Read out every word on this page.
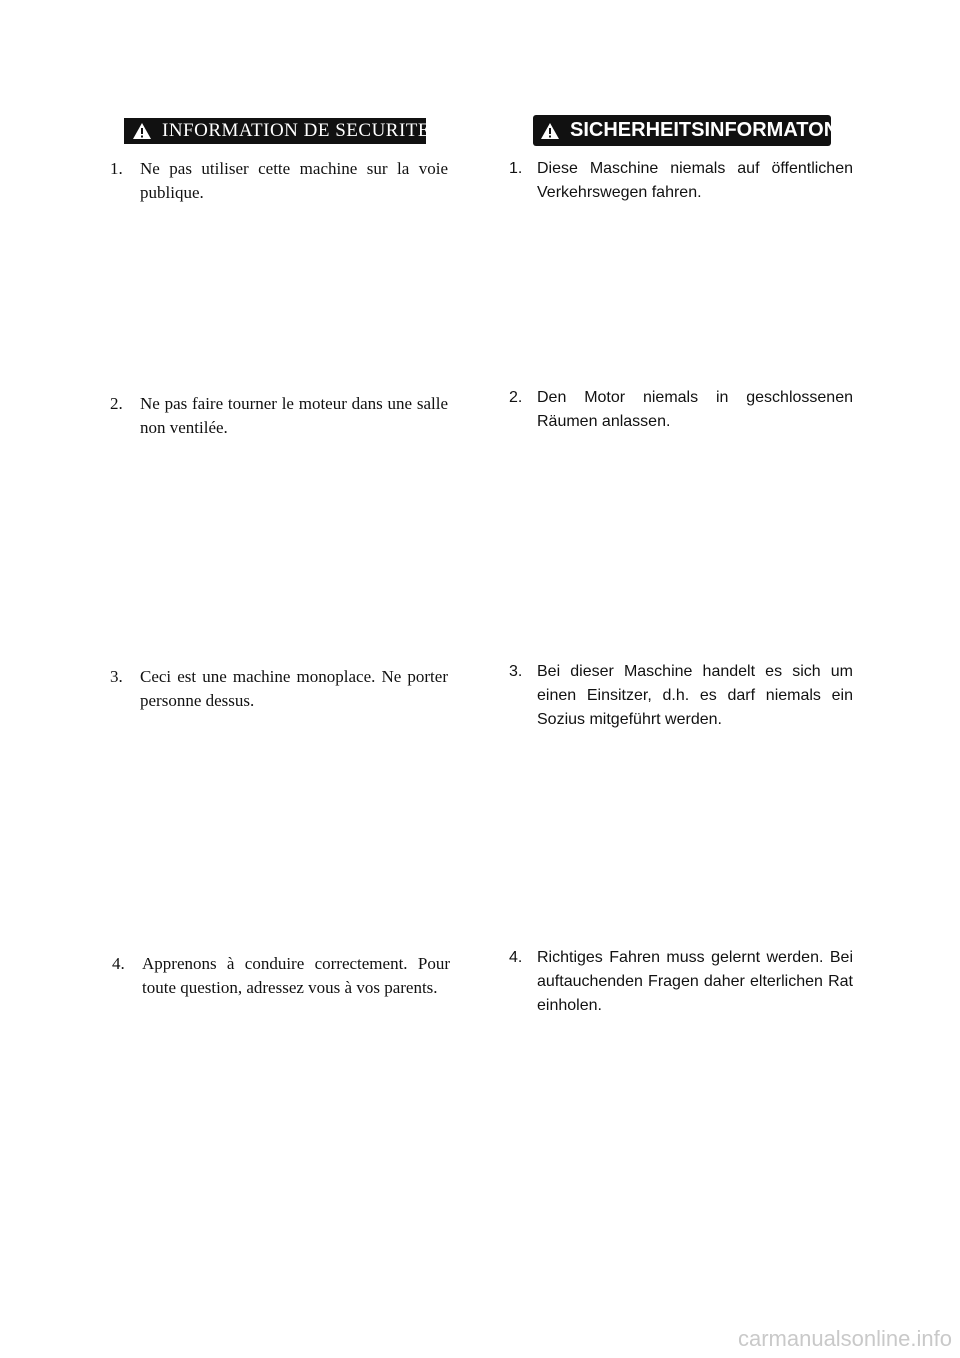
INFORMATION DE SECURITE
1.	Ne pas utiliser cette machine sur la voie publique.

2.	Ne pas faire tourner le moteur dans une salle non ventilée.

3.	Ceci est une machine monoplace. Ne porter personne dessus.

4.	Apprenons à conduire correctement. Pour toute question, adressez vous à vos parents.

SICHERHEITSINFORMATON
1. Diese Maschine niemals auf öffentlichen Verkehrswegen fahren.

2. Den Motor niemals in geschlossenen Räumen anlassen.

3. Bei dieser Maschine handelt es sich um einen Einsitzer, d.h. es darf niemals ein Sozius mitgeführt werden.

4. Richtiges Fahren muss gelernt werden. Bei auftauchenden Fragen daher elterlichen Rat einholen.

carmanualsonline.info
